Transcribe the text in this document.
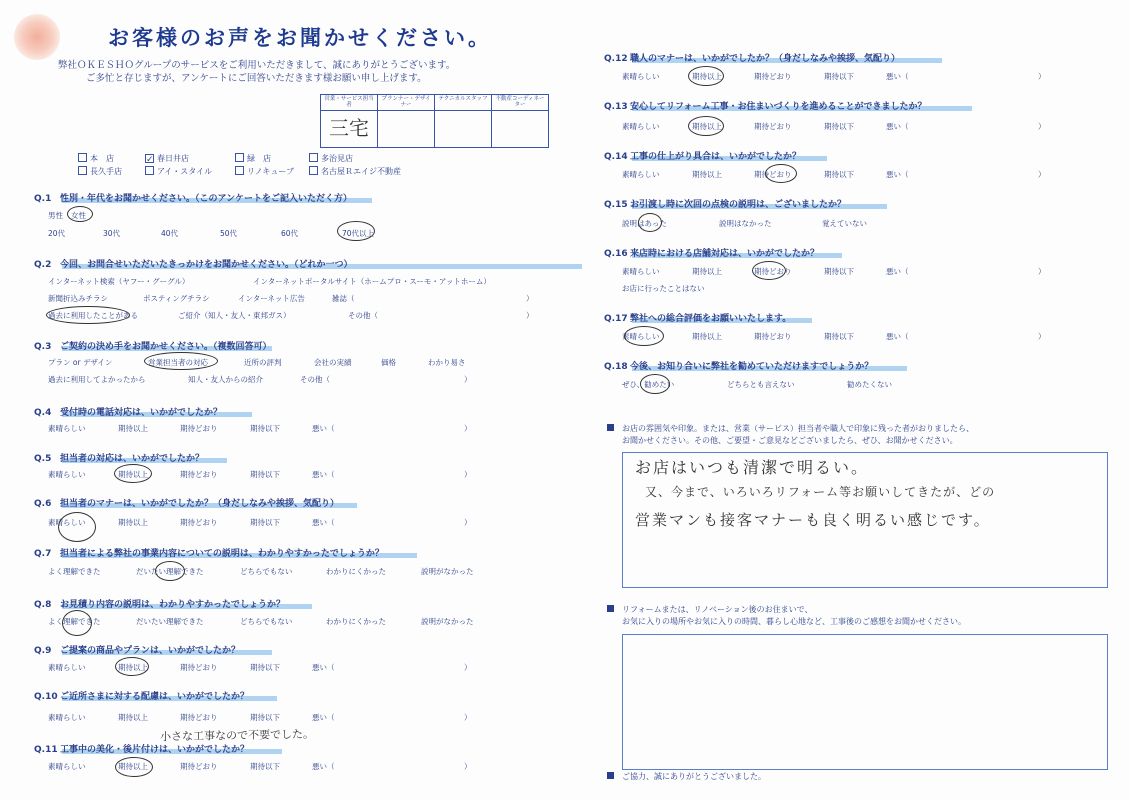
お客様のお声をお聞かせください。
弊社ＯＫＥＳＨＯグループのサービスをご利用いただきまして、誠にありがとうございます。
ご多忙と存じますが、アンケートにご回答いただきます様お願い申し上げます。
営業・サービス担当者	プランナー・デザイナー	テクニカルスタッフ	不動産コーディネーター
三宅			
本　店 ✓	春日井店	緑　店	多治見店
長久手店	アイ・スタイル	リノキューブ	名古屋Ｒエイジ不動産
Q.1 性別・年代をお聞かせください。（このアンケートをご記入いただく方）
男性 女性
20代	30代	40代	50代	60代	70代以上
Q.2 今回、お問合せいただいたきっかけをお聞かせください。（どれか一つ）
インターネット検索（ヤフー・グーグル）	インターネットポータルサイト（ホームプロ・スーモ・アットホーム）
新聞折込みチラシ	ポスティングチラシ	インターネット広告	雑誌（	）
過去に利用したことがある	ご紹介（知人・友人・東邦ガス）	その他（	）
Q.3 ご契約の決め手をお聞かせください。（複数回答可）
プラン or デザイン	営業担当者の対応	近所の評判	会社の実績	価格	わかり易さ
過去に利用してよかったから	知人・友人からの紹介	その他（	）
Q.4 受付時の電話対応は、いかがでしたか？
素晴らしい	期待以上	期待どおり	期待以下	悪い（	）
Q.5 担当者の対応は、いかがでしたか？
素晴らしい	期待以上	期待どおり	期待以下	悪い（	）
Q.6 担当者のマナーは、いかがでしたか？（身だしなみや挨拶、気配り）
素晴らしい	期待以上	期待どおり	期待以下	悪い（	）
Q.7 担当者による弊社の事業内容についての説明は、わかりやすかったでしょうか？
よく理解できた	だいたい理解できた	どちらでもない	わかりにくかった	説明がなかった
Q.8 お見積り内容の説明は、わかりやすかったでしょうか？
よく理解できた	だいたい理解できた	どちらでもない	わかりにくかった	説明がなかった
Q.9 ご提案の商品やプランは、いかがでしたか？
素晴らしい	期待以上	期待どおり	期待以下	悪い（	）
Q.10 ご近所さまに対する配慮は、いかがでしたか？
素晴らしい	期待以上	期待どおり	期待以下	悪い（	）
小さな工事なので不要でした。
Q.11 工事中の美化・後片付けは、いかがでしたか？
素晴らしい	期待以上	期待どおり	期待以下	悪い（	）
Q.12 職人のマナーは、いかがでしたか？（身だしなみや挨拶、気配り）
素晴らしい	期待以上	期待どおり	期待以下	悪い（	）
Q.13 安心してリフォーム工事・お住まいづくりを進めることができましたか？
素晴らしい	期待以上	期待どおり	期待以下	悪い（	）
Q.14 工事の仕上がり具合は、いかがでしたか？
素晴らしい	期待以上	期待どおり	期待以下	悪い（	）
Q.15 お引渡し時に次回の点検の説明は、ございましたか？
説明はあった	説明はなかった	覚えていない
Q.16 来店時における店舗対応は、いかがでしたか？
素晴らしい	期待以上	期待どおり	期待以下	悪い（	）
お店に行ったことはない
Q.17 弊社への総合評価をお願いいたします。
素晴らしい	期待以上	期待どおり	期待以下	悪い（	）
Q.18 今後、お知り合いに弊社を勧めていただけますでしょうか？
ぜひ、勧めたい	どちらとも言えない	勧めたくない
お店の雰囲気や印象。または、営業（サービス）担当者や職人で印象に残った者がおりましたら、
お聞かせください。その他、ご要望・ご意見などございましたら、ぜひ、お聞かせください。
お店はいつも清潔で明るい。
又、今まで、いろいろリフォーム等お願いしてきたが、どの
営業マンも接客マナーも良く明るい感じです。
リフォームまたは、リノベーション後のお住まいで、
お気に入りの場所やお気に入りの時間、暮らし心地など、工事後のご感想をお聞かせください。
ご協力、誠にありがとうございました。
